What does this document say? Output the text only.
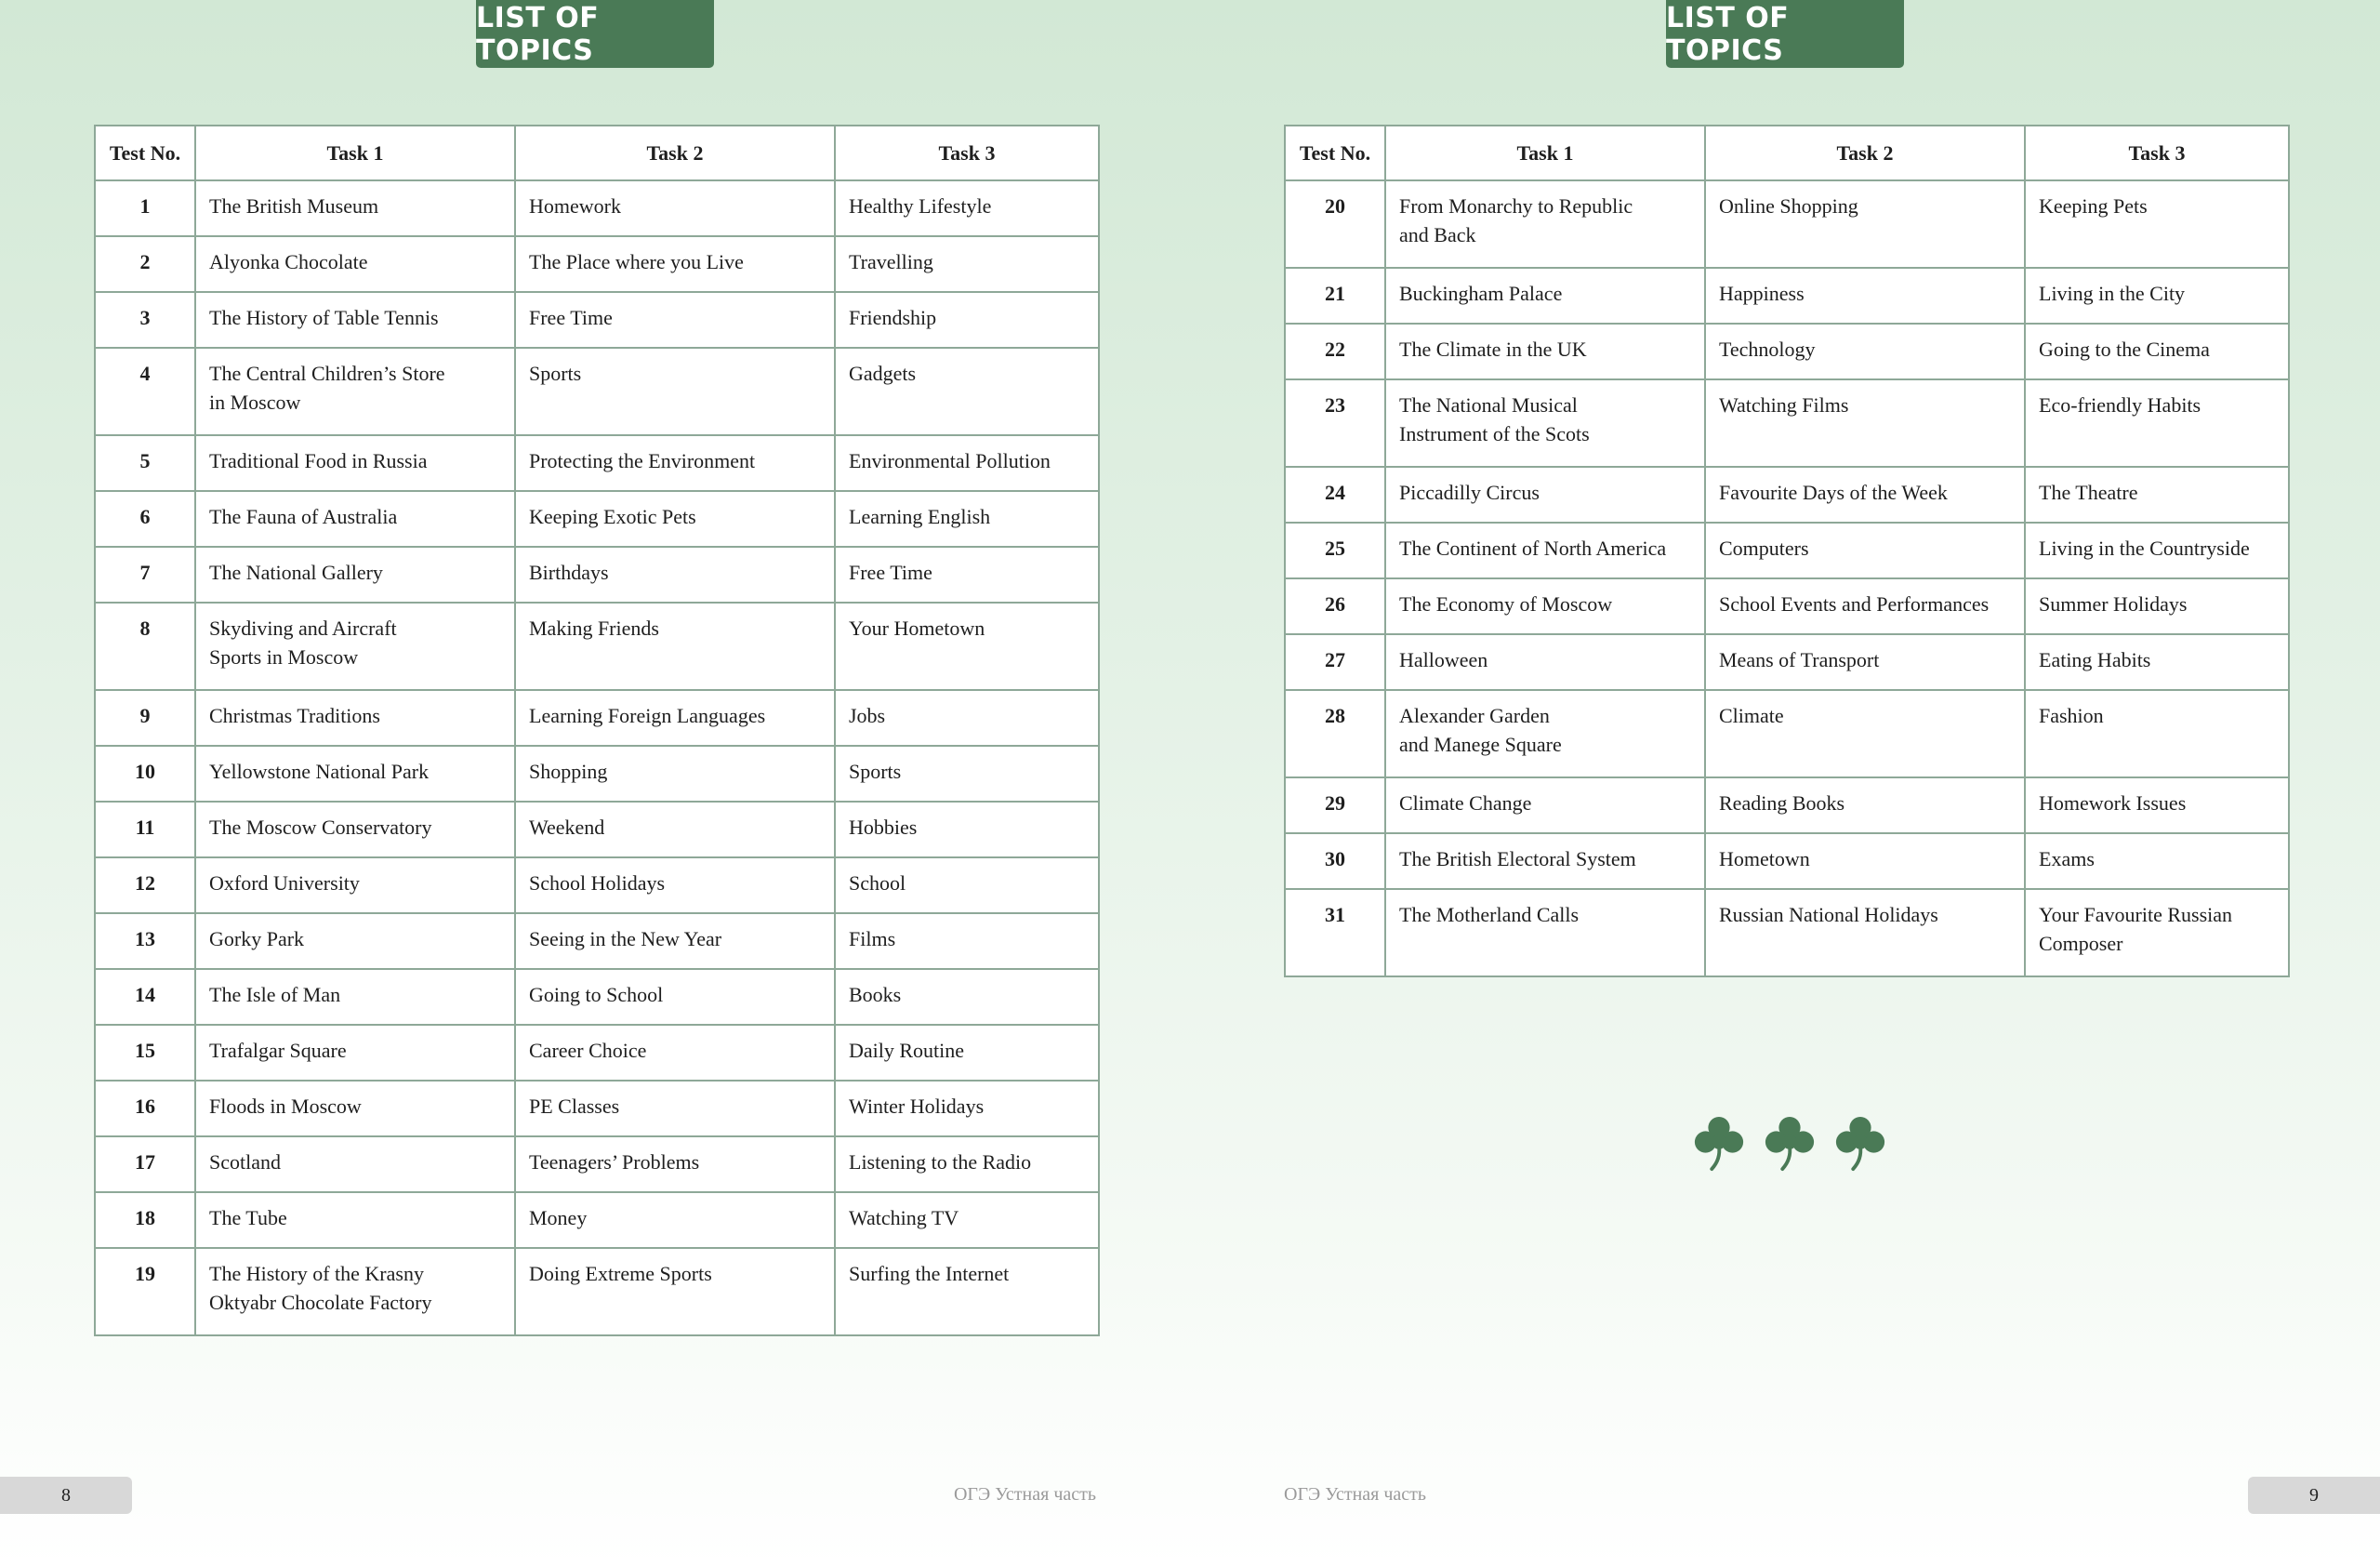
LIST OF TOPICS
LIST OF TOPICS
Test No.	Task 1	Task 2	Task 3
1	The British Museum	Homework	Healthy Lifestyle
2	Alyonka Chocolate	The Place where you Live	Travelling
3	The History of Table Tennis	Free Time	Friendship
4	The Central Children’s Store
in Moscow	Sports	Gadgets
5	Traditional Food in Russia	Protecting the Environment	Environmental Pollution
6	The Fauna of Australia	Keeping Exotic Pets	Learning English
7	The National Gallery	Birthdays	Free Time
8	Skydiving and Aircraft
Sports in Moscow	Making Friends	Your Hometown
9	Christmas Traditions	Learning Foreign Languages	Jobs
10	Yellowstone National Park	Shopping	Sports
11	The Moscow Conservatory	Weekend	Hobbies
12	Oxford University	School Holidays	School
13	Gorky Park	Seeing in the New Year	Films
14	The Isle of Man	Going to School	Books
15	Trafalgar Square	Career Choice	Daily Routine
16	Floods in Moscow	PE Classes	Winter Holidays
17	Scotland	Teenagers’ Problems	Listening to the Radio
18	The Tube	Money	Watching TV
19	The History of the Krasny
Oktyabr Chocolate Factory	Doing Extreme Sports	Surfing the Internet
Test No.	Task 1	Task 2	Task 3
20	From Monarchy to Republic
and Back	Online Shopping	Keeping Pets
21	Buckingham Palace	Happiness	Living in the City
22	The Climate in the UK	Technology	Going to the Cinema
23	The National Musical
Instrument of the Scots	Watching Films	Eco-friendly Habits
24	Piccadilly Circus	Favourite Days of the Week	The Theatre
25	The Continent of North America	Computers	Living in the Countryside
26	The Economy of Moscow	School Events and Performances	Summer Holidays
27	Halloween	Means of Transport	Eating Habits
28	Alexander Garden
and Manege Square	Climate	Fashion
29	Climate Change	Reading Books	Homework Issues
30	The British Electoral System	Hometown	Exams
31	The Motherland Calls	Russian National Holidays	Your Favourite Russian
Composer
8	ОГЭ Устная часть	ОГЭ Устная часть	9
